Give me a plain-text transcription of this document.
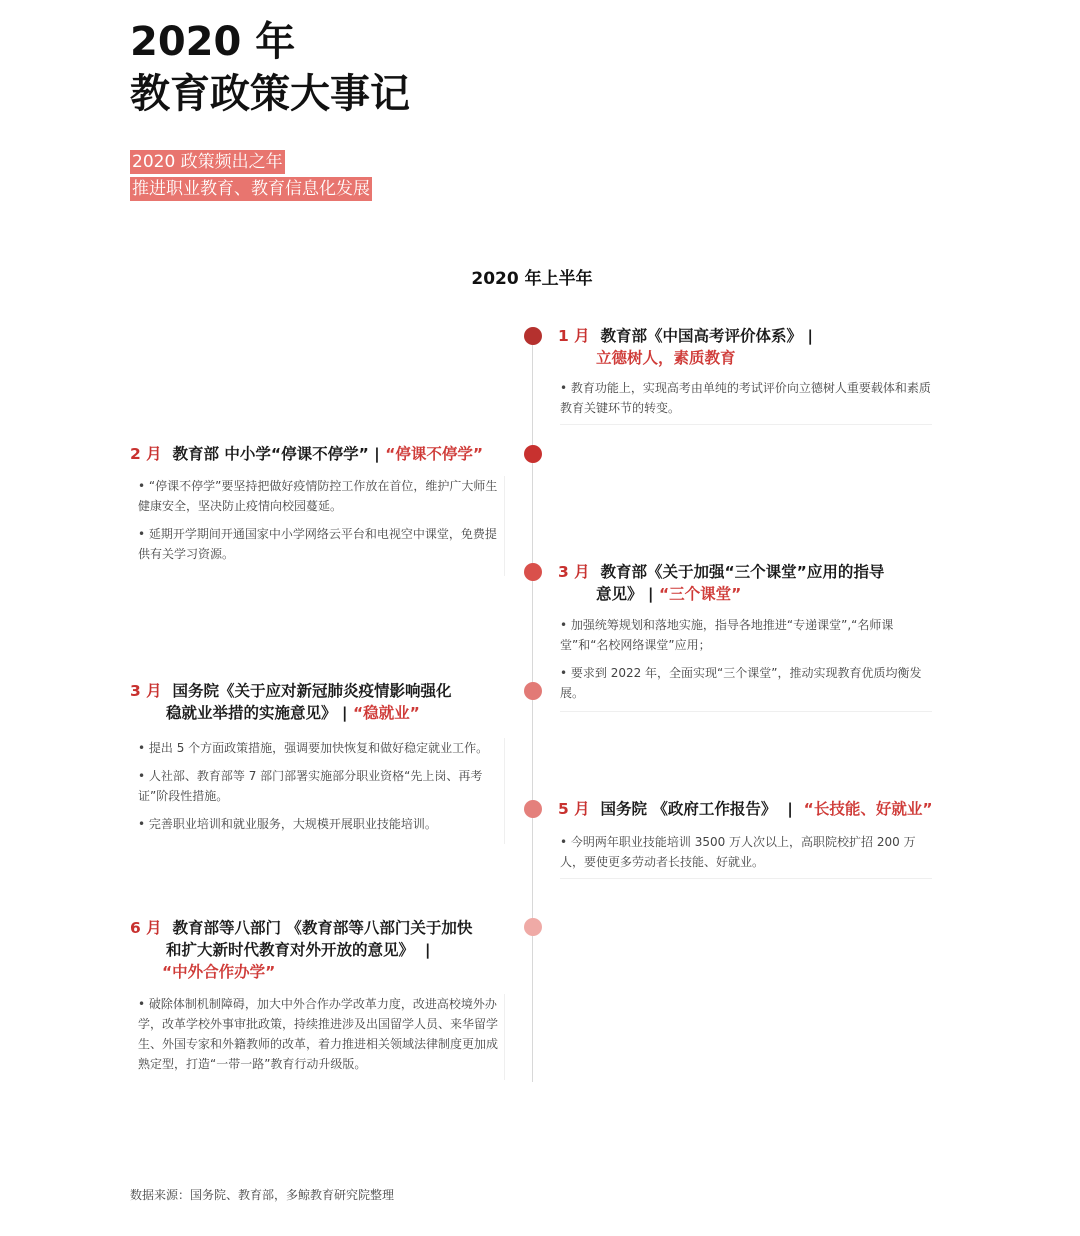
2020 年
教育政策大事记
2020 政策频出之年
推进职业教育、教育信息化发展
2020 年上半年
1 月 教育部《中国高考评价体系》 |
立德树人，素质教育
• 教育功能上，实现高考由单纯的考试评价向立德树人重要载体和素质教育关键环节的转变。
2 月 教育部 中小学“停课不停学” | “停课不停学”
• “停课不停学”要坚持把做好疫情防控工作放在首位，维护广大师生健康安全，坚决防止疫情向校园蔓延。
• 延期开学期间开通国家中小学网络云平台和电视空中课堂，免费提供有关学习资源。
3 月 教育部《关于加强“三个课堂”应用的指导
意见》 | “三个课堂”
• 加强统筹规划和落地实施，指导各地推进“专递课堂”,“名师课堂”和“名校网络课堂”应用；
• 要求到 2022 年，全面实现“三个课堂”，推动实现教育优质均衡发展。
3 月 国务院《关于应对新冠肺炎疫情影响强化
稳就业举措的实施意见》 | “稳就业”
• 提出 5 个方面政策措施，强调要加快恢复和做好稳定就业工作。
• 人社部、教育部等 7 部门部署实施部分职业资格“先上岗、再考证”阶段性措施。
• 完善职业培训和就业服务，大规模开展职业技能培训。
5 月 国务院 《政府工作报告》 | “长技能、好就业”
• 今明两年职业技能培训 3500 万人次以上，高职院校扩招 200 万人，要使更多劳动者长技能、好就业。
6 月 教育部等八部门 《教育部等八部门关于加快
和扩大新时代教育对外开放的意见》 |
“中外合作办学”
• 破除体制机制障碍，加大中外合作办学改革力度，改进高校境外办学，改革学校外事审批政策，持续推进涉及出国留学人员、来华留学生、外国专家和外籍教师的改革，着力推进相关领域法律制度更加成熟定型，打造“一带一路”教育行动升级版。
数据来源：国务院、教育部，多鲸教育研究院整理
